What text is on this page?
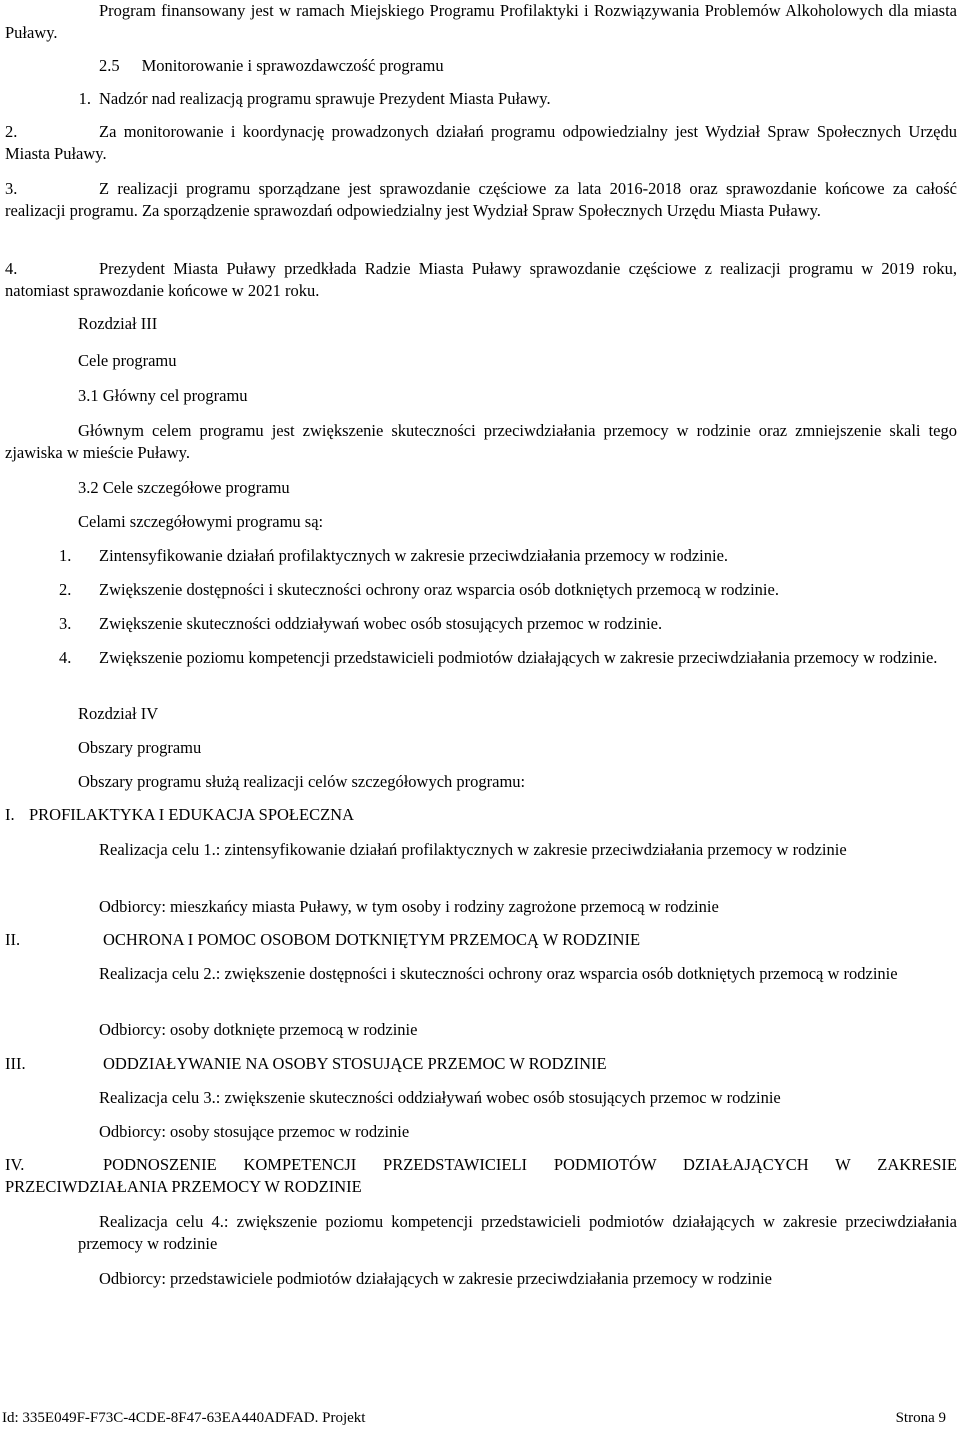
Program finansowany jest w ramach Miejskiego Programu Profilaktyki i Rozwiązywania Problemów Alkoholowych dla miasta Puławy.

2.5 Monitorowanie i sprawozdawczość programu

1. Nadzór nad realizacją programu sprawuje Prezydent Miasta Puławy.

2.	Za monitorowanie i koordynację prowadzonych działań programu odpowiedzialny jest Wydział Spraw Społecznych Urzędu Miasta Puławy.

3.	Z realizacji programu sporządzane jest sprawozdanie częściowe za lata 2016-2018 oraz sprawozdanie końcowe za całość realizacji programu. Za sporządzenie sprawozdań odpowiedzialny jest Wydział Spraw Społecznych Urzędu Miasta Puławy.

4.	Prezydent Miasta Puławy przedkłada Radzie Miasta Puławy sprawozdanie częściowe z realizacji programu w 2019 roku, natomiast sprawozdanie końcowe w 2021 roku.

Rozdział III
Cele programu
3.1 Główny cel programu

Głównym celem programu jest zwiększenie skuteczności przeciwdziałania przemocy w rodzinie oraz zmniejszenie skali tego zjawiska w mieście Puławy.

3.2 Cele szczegółowe programu
Celami szczegółowymi programu są:
1. Zintensyfikowanie działań profilaktycznych w zakresie przeciwdziałania przemocy w rodzinie.
2. Zwiększenie dostępności i skuteczności ochrony oraz wsparcia osób dotkniętych przemocą w rodzinie.
3. Zwiększenie skuteczności oddziaływań wobec osób stosujących przemoc w rodzinie.

4. Zwiększenie poziomu kompetencji przedstawicieli podmiotów działających w zakresie przeciwdziałania przemocy w rodzinie.

Rozdział IV
Obszary programu
Obszary programu służą realizacji celów szczegółowych programu:
I. PROFILAKTYKA I EDUKACJA SPOŁECZNA

Realizacja celu 1.: zintensyfikowanie działań profilaktycznych w zakresie przeciwdziałania przemocy w rodzinie

Odbiorcy: mieszkańcy miasta Puławy, w tym osoby i rodziny zagrożone przemocą w rodzinie
II.	OCHRONA I POMOC OSOBOM DOTKNIĘTYM PRZEMOCĄ W RODZINIE

Realizacja celu 2.: zwiększenie dostępności i skuteczności ochrony oraz wsparcia osób dotkniętych przemocą w rodzinie

Odbiorcy: osoby dotknięte przemocą w rodzinie
III.	ODDZIAŁYWANIE NA OSOBY STOSUJĄCE PRZEMOC W RODZINIE
Realizacja celu 3.: zwiększenie skuteczności oddziaływań wobec osób stosujących przemoc w rodzinie
Odbiorcy: osoby stosujące przemoc w rodzinie

IV.	PODNOSZENIE KOMPETENCJI PRZEDSTAWICIELI PODMIOTÓW DZIAŁAJĄCYCH W ZAKRESIE PRZECIWDZIAŁANIA PRZEMOCY W RODZINIE

Realizacja celu 4.: zwiększenie poziomu kompetencji przedstawicieli podmiotów działających w zakresie przeciwdziałania przemocy w rodzinie

Odbiorcy: przedstawiciele podmiotów działających w zakresie przeciwdziałania przemocy w rodzinie
Id: 335E049F-F73C-4CDE-8F47-63EA440ADFAD. Projekt	Strona 9
